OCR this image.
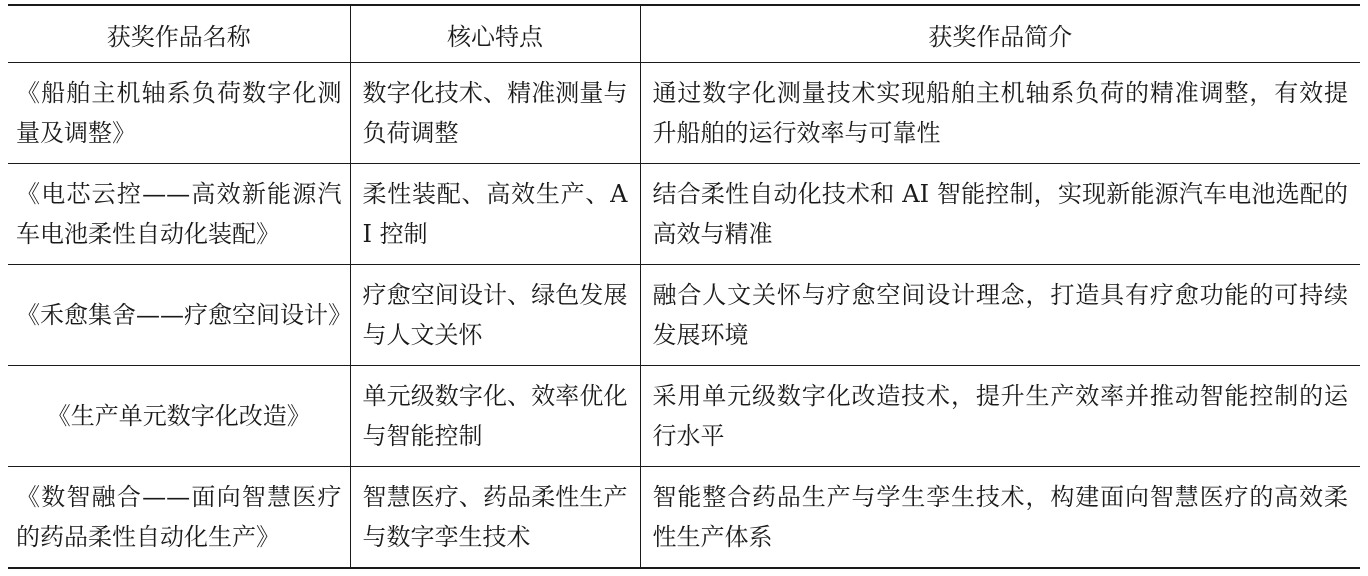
获奖作品名称	核心特点	获奖作品简介
《船舶主机轴系负荷数字化测量及调整》	数字化技术、精准测量与负荷调整	通过数字化测量技术实现船舶主机轴系负荷的精准调整，有效提升船舶的运行效率与可靠性
《电芯云控——高效新能源汽车电池柔性自动化装配》	柔性装配、高效生产、AI 控制	结合柔性自动化技术和 AI 智能控制，实现新能源汽车电池选配的高效与精准
《禾愈集舍——疗愈空间设计》	疗愈空间设计、绿色发展与人文关怀	融合人文关怀与疗愈空间设计理念，打造具有疗愈功能的可持续发展环境
《生产单元数字化改造》	单元级数字化、效率优化与智能控制	采用单元级数字化改造技术，提升生产效率并推动智能控制的运行水平
《数智融合——面向智慧医疗的药品柔性自动化生产》	智慧医疗、药品柔性生产与数字孪生技术	智能整合药品生产与学生孪生技术，构建面向智慧医疗的高效柔性生产体系
